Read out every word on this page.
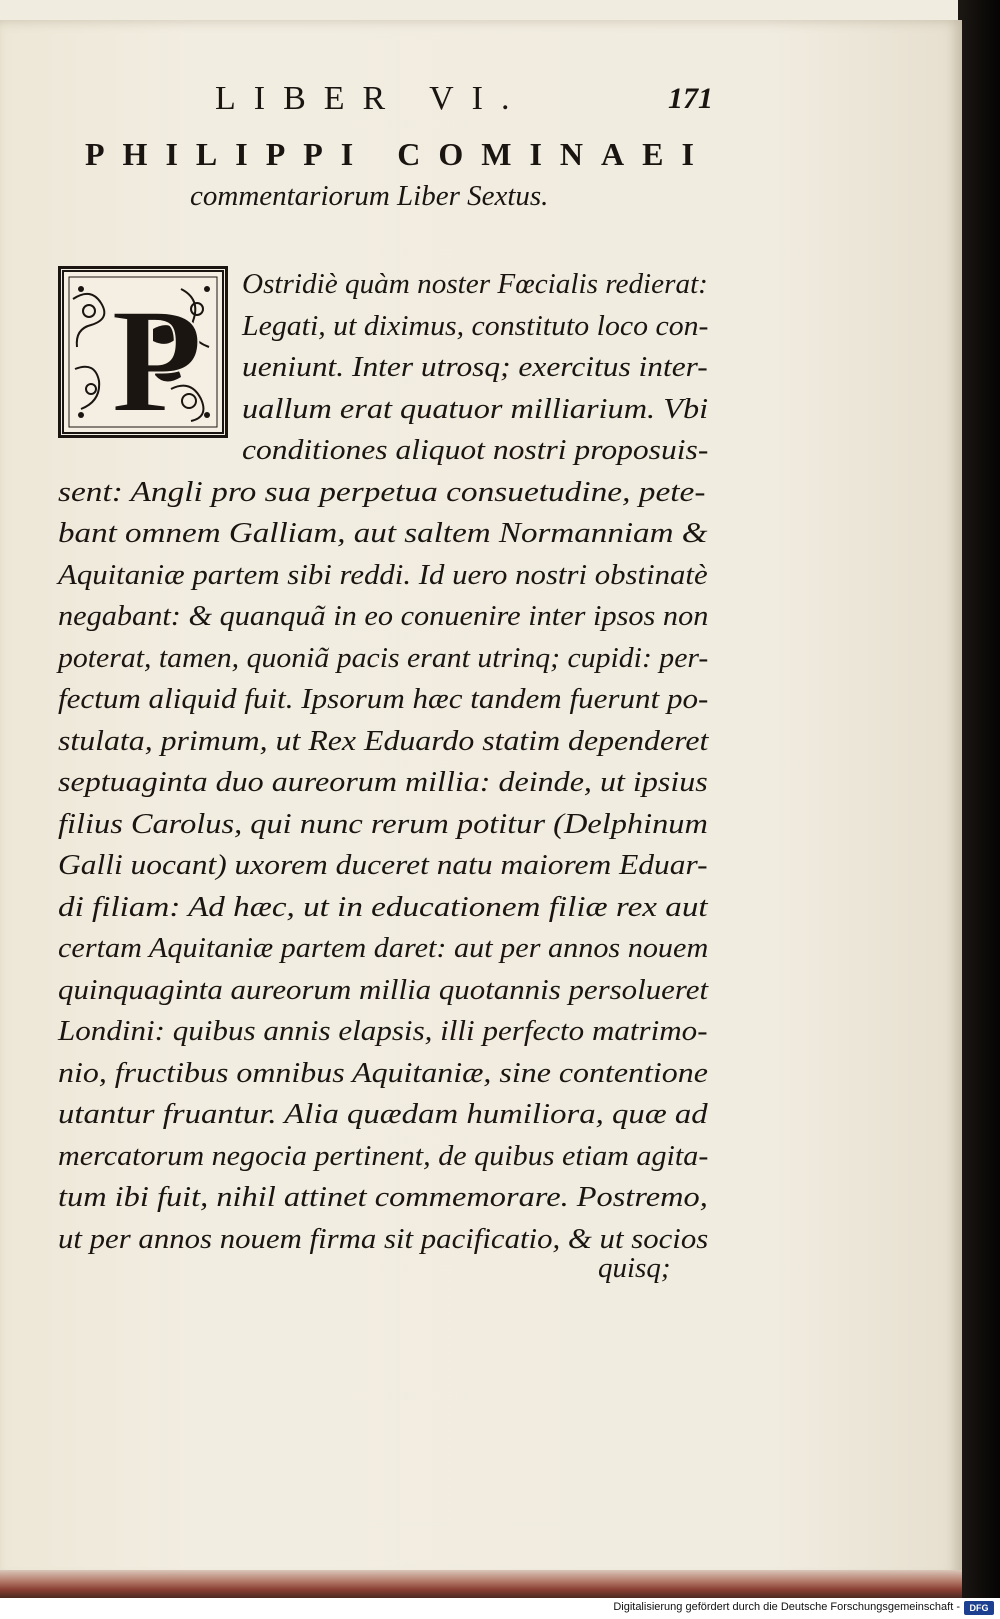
LIBER VI.	171
PHILIPPI COMINAEI
commentariorum Liber Sextus.
P Ostridiè quàm noster Fœcialis redierat:
Legati, ut diximus, constituto loco con-
ueniunt. Inter utrosq; exercitus inter-
uallum erat quatuor milliarium. Vbi
conditiones aliquot nostri proposuis-
sent: Angli pro sua perpetua consuetudine, pete-
bant omnem Galliam, aut saltem Normanniam &
Aquitaniæ partem sibi reddi. Id uero nostri obstinatè
negabant: & quanquã in eo conuenire inter ipsos non
poterat, tamen, quoniã pacis erant utrinq; cupidi: per-
fectum aliquid fuit. Ipsorum hæc tandem fuerunt po-
stulata, primum, ut Rex Eduardo statim dependeret
septuaginta duo aureorum millia: deinde, ut ipsius
filius Carolus, qui nunc rerum potitur (Delphinum
Galli uocant) uxorem duceret natu maiorem Eduar-
di filiam: Ad hæc, ut in educationem filiæ rex aut
certam Aquitaniæ partem daret: aut per annos nouem
quinquaginta aureorum millia quotannis persolueret
Londini: quibus annis elapsis, illi perfecto matrimo-
nio, fructibus omnibus Aquitaniæ, sine contentione
utantur fruantur. Alia quædam humiliora, quæ ad
mercatorum negocia pertinent, de quibus etiam agita-
tum ibi fuit, nihil attinet commemorare. Postremo,
ut per annos nouem firma sit pacificatio, & ut socios
quisq;
Digitalisierung gefördert durch die Deutsche Forschungsgemeinschaft -	DFG
